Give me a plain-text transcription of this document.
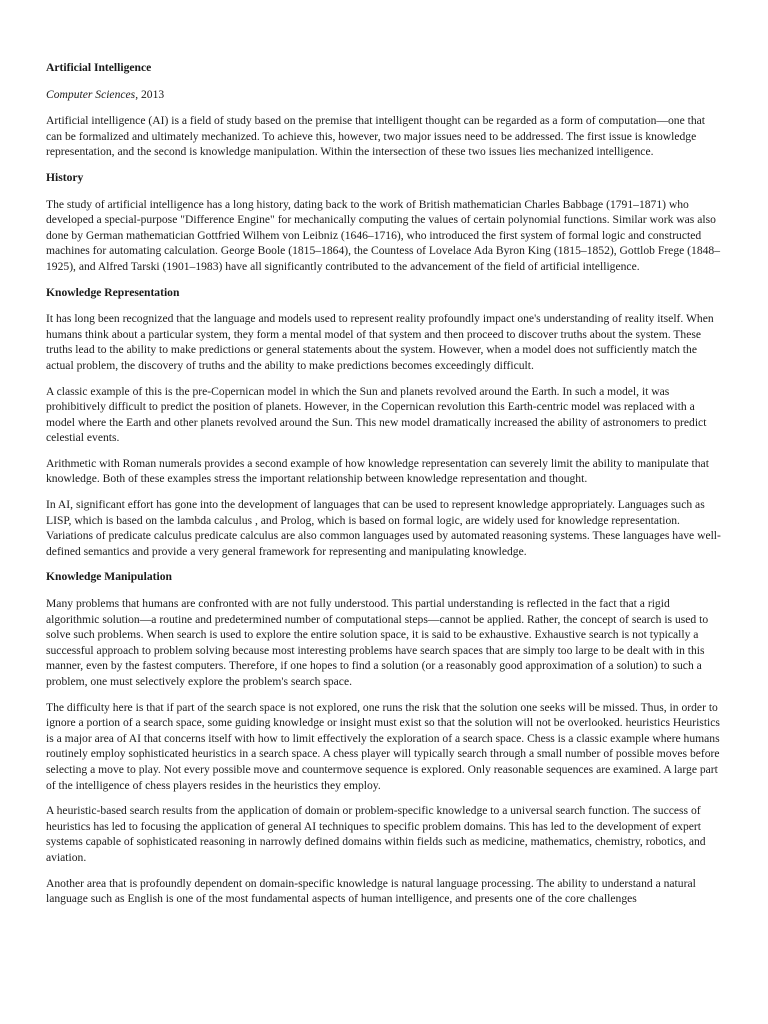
Artificial Intelligence
Computer Sciences, 2013

Artificial intelligence (AI) is a field of study based on the premise that intelligent thought can be regarded as a form of computation—one that can be formalized and ultimately mechanized. To achieve this, however, two major issues need to be addressed. The first issue is knowledge representation, and the second is knowledge manipulation. Within the intersection of these two issues lies mechanized intelligence.

History

The study of artificial intelligence has a long history, dating back to the work of British mathematician Charles Babbage (1791–1871) who developed a special-purpose "Difference Engine" for mechanically computing the values of certain polynomial functions. Similar work was also done by German mathematician Gottfried Wilhem von Leibniz (1646–1716), who introduced the first system of formal logic and constructed machines for automating calculation. George Boole (1815–1864), the Countess of Lovelace Ada Byron King (1815–1852), Gottlob Frege (1848–1925), and Alfred Tarski (1901–1983) have all significantly contributed to the advancement of the field of artificial intelligence.

Knowledge Representation

It has long been recognized that the language and models used to represent reality profoundly impact one's understanding of reality itself. When humans think about a particular system, they form a mental model of that system and then proceed to discover truths about the system. These truths lead to the ability to make predictions or general statements about the system. However, when a model does not sufficiently match the actual problem, the discovery of truths and the ability to make predictions becomes exceedingly difficult.

A classic example of this is the pre-Copernican model in which the Sun and planets revolved around the Earth. In such a model, it was prohibitively difficult to predict the position of planets. However, in the Copernican revolution this Earth-centric model was replaced with a model where the Earth and other planets revolved around the Sun. This new model dramatically increased the ability of astronomers to predict celestial events.

Arithmetic with Roman numerals provides a second example of how knowledge representation can severely limit the ability to manipulate that knowledge. Both of these examples stress the important relationship between knowledge representation and thought.

In AI, significant effort has gone into the development of languages that can be used to represent knowledge appropriately. Languages such as LISP, which is based on the lambda calculus , and Prolog, which is based on formal logic, are widely used for knowledge representation. Variations of predicate calculus predicate calculus are also common languages used by automated reasoning systems. These languages have well-defined semantics and provide a very general framework for representing and manipulating knowledge.

Knowledge Manipulation

Many problems that humans are confronted with are not fully understood. This partial understanding is reflected in the fact that a rigid algorithmic solution—a routine and predetermined number of computational steps—cannot be applied. Rather, the concept of search is used to solve such problems. When search is used to explore the entire solution space, it is said to be exhaustive. Exhaustive search is not typically a successful approach to problem solving because most interesting problems have search spaces that are simply too large to be dealt with in this manner, even by the fastest computers. Therefore, if one hopes to find a solution (or a reasonably good approximation of a solution) to such a problem, one must selectively explore the problem's search space.

The difficulty here is that if part of the search space is not explored, one runs the risk that the solution one seeks will be missed. Thus, in order to ignore a portion of a search space, some guiding knowledge or insight must exist so that the solution will not be overlooked. heuristics Heuristics is a major area of AI that concerns itself with how to limit effectively the exploration of a search space. Chess is a classic example where humans routinely employ sophisticated heuristics in a search space. A chess player will typically search through a small number of possible moves before selecting a move to play. Not every possible move and countermove sequence is explored. Only reasonable sequences are examined. A large part of the intelligence of chess players resides in the heuristics they employ.

A heuristic-based search results from the application of domain or problem-specific knowledge to a universal search function. The success of heuristics has led to focusing the application of general AI techniques to specific problem domains. This has led to the development of expert systems capable of sophisticated reasoning in narrowly defined domains within fields such as medicine, mathematics, chemistry, robotics, and aviation.

Another area that is profoundly dependent on domain-specific knowledge is natural language processing. The ability to understand a natural language such as English is one of the most fundamental aspects of human intelligence, and presents one of the core challenges
